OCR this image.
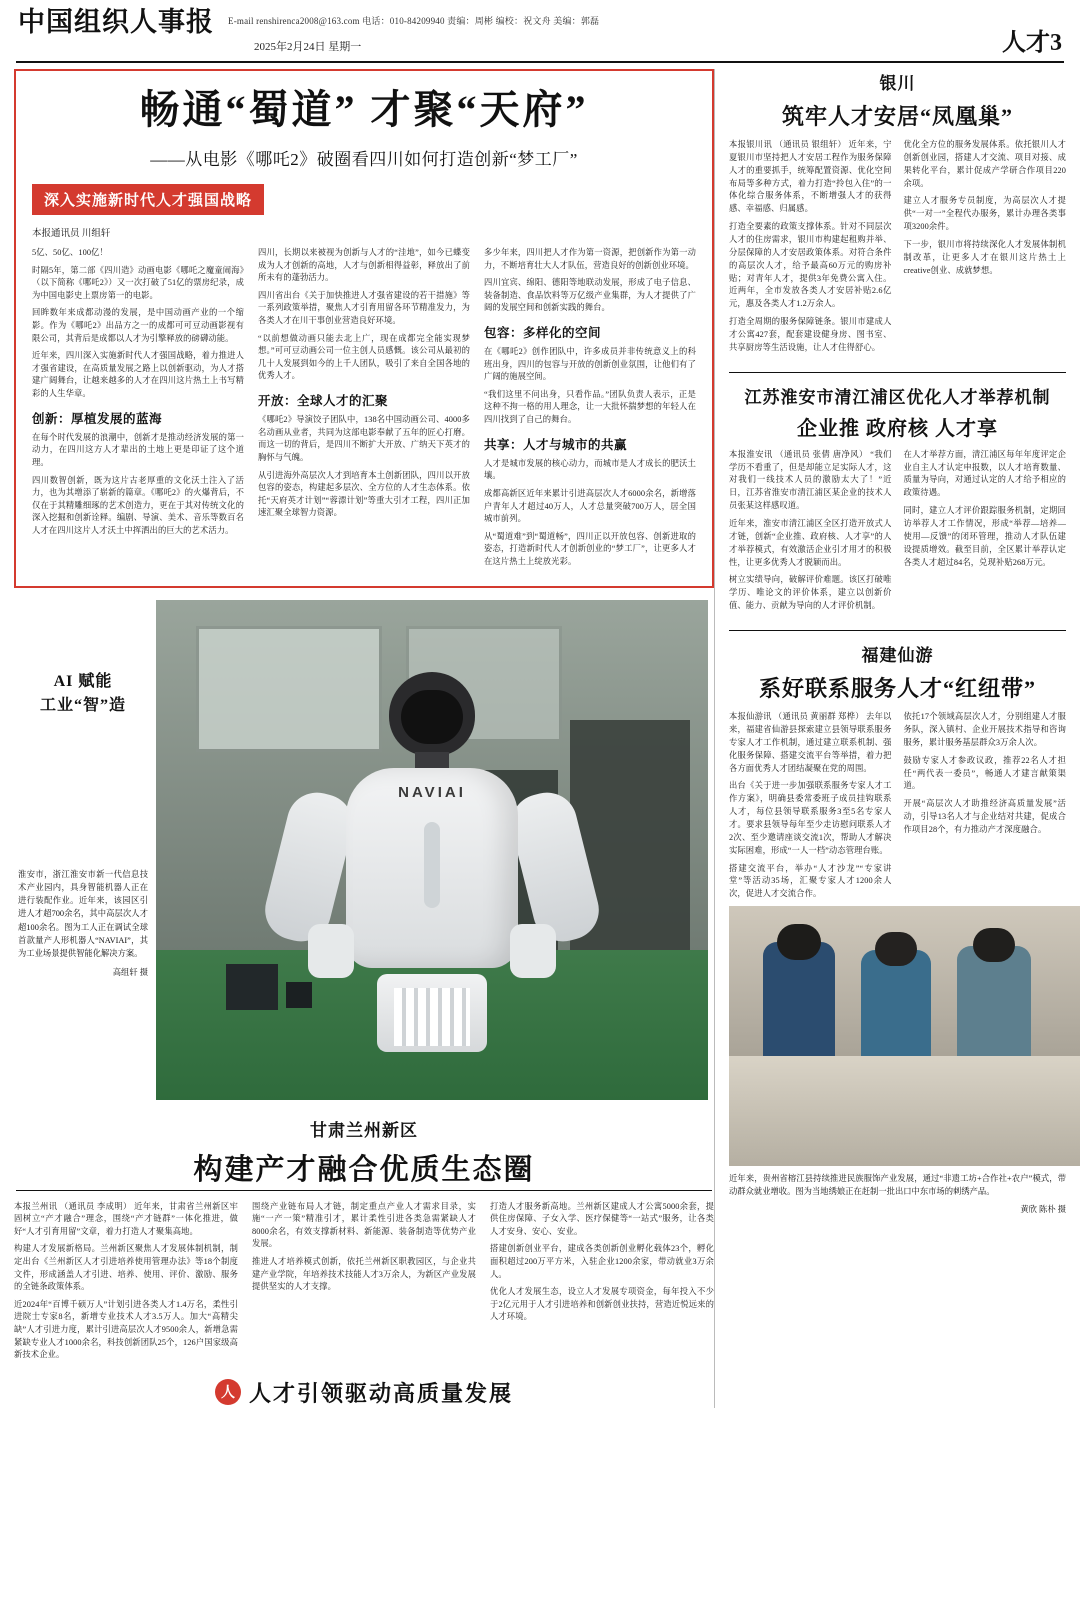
中国组织人事报 E-mail renshirenca2008@163.com 电话：010-84209940 责编：周彬 编校：祝文舟 美编：郭磊
2025年2月24日 星期一	人才3
畅通“蜀道” 才聚“天府”
——从电影《哪吒2》破圈看四川如何打造创新“梦工厂”
深入实施新时代人才强国战略
本报通讯员 川组轩

5亿、50亿、100亿！

时隔5年，第二部《四川造》动画电影《哪吒之魔童闹海》（以下简称《哪吒2》）又一次打破了51亿的票房纪录，成为中国电影史上票房第一的电影。

回眸数年来成都动漫的发展，是中国动画产业的一个缩影。作为《哪吒2》出品方之一的成都可可豆动画影视有限公司，其背后是成都以人才为引擎释放的磅礴动能。

近年来，四川深入实施新时代人才强国战略，着力推进人才强省建设，在高质量发展之路上以创新驱动，为人才搭建广阔舞台，让越来越多的人才在四川这片热土上书写精彩的人生华章。

创新：厚植发展的蓝海

在每个时代发展的浪潮中，创新才是推动经济发展的第一动力，在四川这方人才辈出的土地上更是印证了这个道理。

四川数智创新，既为这片古老厚重的文化沃土注入了活力，也为其增添了崭新的篇章。《哪吒2》的火爆背后，不仅在于其精雕细琢的艺术创造力，更在于其对传统文化的深入挖掘和创新诠释。编剧、导演、美术、音乐等数百名人才在四川这片人才沃土中挥洒出的巨大的艺术活力。

四川，长期以来被视为创新与人才的“洼地”，如今已蝶变成为人才创新的高地，人才与创新相得益彰，释放出了前所未有的蓬勃活力。

四川省出台《关于加快推进人才强省建设的若干措施》等一系列政策举措，聚焦人才引育用留各环节精准发力，为各类人才在川干事创业营造良好环境。

“以前想做动画只能去北上广，现在成都完全能实现梦想。”可可豆动画公司一位主创人员感慨。该公司从最初的几十人发展到如今的上千人团队，吸引了来自全国各地的优秀人才。

开放：全球人才的汇聚

《哪吒2》导演饺子团队中，138名中国动画公司、4000多名动画从业者，共同为这部电影奉献了五年的匠心打磨。而这一切的背后，是四川不断扩大开放、广纳天下英才的胸怀与气魄。

从引进海外高层次人才到培育本土创新团队，四川以开放包容的姿态，构建起多层次、全方位的人才生态体系。依托“天府英才计划”“蓉漂计划”等重大引才工程，四川正加速汇聚全球智力资源。

多少年来，四川把人才作为第一资源，把创新作为第一动力，不断培育壮大人才队伍，营造良好的创新创业环境。

四川宜宾、绵阳、德阳等地联动发展，形成了电子信息、装备制造、食品饮料等万亿级产业集群，为人才提供了广阔的发展空间和创新实践的舞台。

包容：多样化的空间

在《哪吒2》创作团队中，许多成员并非传统意义上的科班出身，四川的包容与开放的创新创业氛围，让他们有了广阔的施展空间。

“我们这里不问出身，只看作品。”团队负责人表示，正是这种不拘一格的用人理念，让一大批怀揣梦想的年轻人在四川找到了自己的舞台。

共享：人才与城市的共赢

人才是城市发展的核心动力，而城市是人才成长的肥沃土壤。

成都高新区近年来累计引进高层次人才6000余名，新增落户青年人才超过40万人，人才总量突破700万人，居全国城市前列。

从“蜀道难”到“蜀道畅”，四川正以开放包容、创新进取的姿态，打造新时代人才创新创业的“梦工厂”，让更多人才在这片热土上绽放光彩。

AI 赋能
工业“智”造
淮安市，浙江淮安市新一代信息技术产业园内，具身智能机器人正在进行装配作业。近年来，该园区引进人才超700余名，其中高层次人才超100余名。图为工人正在调试全球首款量产人形机器人“NAVIAI”，其为工业场景提供智能化解决方案。
高组轩 摄
NAVIAI
甘肃兰州新区
构建产才融合优质生态圈

本报兰州讯 （通讯员 李成明） 近年来，甘肃省兰州新区牢固树立“产才融合”理念，围绕“产才链群”一体化推进，做好“人才引育用留”文章，着力打造人才聚集高地。

构建人才发展新格局。兰州新区聚焦人才发展体制机制，制定出台《兰州新区人才引进培养使用管理办法》等18个制度文件，形成涵盖人才引进、培养、使用、评价、激励、服务的全链条政策体系。

近2024年“百博千硕万人”计划引进各类人才1.4万名，柔性引进院士专家8名，新增专业技术人才3.5万人。加大“高精尖缺”人才引进力度，累计引进高层次人才9500余人，新增急需紧缺专业人才1000余名，科技创新团队25个，126户国家级高新技术企业。

围绕产业链布局人才链，制定重点产业人才需求目录，实施“一产一策”精准引才，累计柔性引进各类急需紧缺人才8000余名，有效支撑新材料、新能源、装备制造等优势产业发展。

推进人才培养模式创新，依托兰州新区职教园区，与企业共建产业学院，年培养技术技能人才3万余人，为新区产业发展提供坚实的人才支撑。

打造人才服务新高地。兰州新区建成人才公寓5000余套，提供住房保障、子女入学、医疗保健等“一站式”服务，让各类人才安身、安心、安业。

搭建创新创业平台，建成各类创新创业孵化载体23个，孵化面积超过200万平方米，入驻企业1200余家，带动就业3万余人。

优化人才发展生态，设立人才发展专项资金，每年投入不少于2亿元用于人才引进培养和创新创业扶持，营造近悦远来的人才环境。

人 人才引领驱动高质量发展
银川
筑牢人才安居“凤凰巢”

本报银川讯 （通讯员 银组轩） 近年来，宁夏银川市坚持把人才安居工程作为服务保障人才的重要抓手，统筹配置资源、优化空间布局等多种方式，着力打造“拎包入住”的一体化综合服务体系，不断增强人才的获得感、幸福感、归属感。

打造全要素的政策支撑体系。针对不同层次人才的住房需求，银川市构建起租购并举、分层保障的人才安居政策体系。对符合条件的高层次人才，给予最高60万元的购房补贴；对青年人才，提供3年免费公寓入住。近两年，全市发放各类人才安居补贴2.6亿元，惠及各类人才1.2万余人。

打造全周期的服务保障链条。银川市建成人才公寓427套，配套建设健身房、图书室、共享厨房等生活设施，让人才住得舒心。

优化全方位的服务发展体系。依托银川人才创新创业园，搭建人才交流、项目对接、成果转化平台，累计促成产学研合作项目220余项。

建立人才服务专员制度，为高层次人才提供“一对一”全程代办服务，累计办理各类事项3200余件。

下一步，银川市将持续深化人才发展体制机制改革，让更多人才在银川这片热土上creative创业、成就梦想。

江苏淮安市清江浦区优化人才举荐机制
企业推 政府核 人才享

本报淮安讯 （通讯员 张倩 唐净风） “我们学历不看重了，但是却能立足实际人才，这对我们一线技术人员的激励太大了！”近日，江苏省淮安市清江浦区某企业的技术人员张某这样感叹道。

近年来，淮安市清江浦区全区打造开放式人才链，创新“企业推、政府核、人才享”的人才举荐模式，有效激活企业引才用才的积极性，让更多优秀人才脱颖而出。

树立实绩导向，破解评价难题。该区打破唯学历、唯论文的评价体系，建立以创新价值、能力、贡献为导向的人才评价机制。

在人才举荐方面，清江浦区每年年度评定企业自主人才认定申报数，以人才培育数量、质量为导向，对通过认定的人才给予相应的政策待遇。

同时，建立人才评价跟踪服务机制，定期回访举荐人才工作情况，形成“举荐—培养—使用—反馈”的闭环管理，推动人才队伍建设提质增效。截至目前，全区累计举荐认定各类人才超过84名，兑现补贴268万元。

福建仙游
系好联系服务人才“红纽带”

本报仙游讯 （通讯员 黄丽群 郑桦） 去年以来，福建省仙游县探索建立县领导联系服务专家人才工作机制，通过建立联系机制、强化服务保障、搭建交流平台等举措，着力把各方面优秀人才团结凝聚在党的周围。

出台《关于进一步加强联系服务专家人才工作方案》，明确县委常委班子成员挂钩联系人才，每位县领导联系服务3至5名专家人才。要求县领导每年至少走访慰问联系人才2次、至少邀请座谈交流1次，帮助人才解决实际困难，形成“一人一档”动态管理台账。

搭建交流平台，举办“人才沙龙”“专家讲堂”等活动35场，汇聚专家人才1200余人次，促进人才交流合作。

依托17个领域高层次人才，分别组建人才服务队，深入镇村、企业开展技术指导和咨询服务，累计服务基层群众3万余人次。

鼓励专家人才参政议政，推荐22名人才担任“两代表一委员”，畅通人才建言献策渠道。

开展“高层次人才助推经济高质量发展”活动，引导13名人才与企业结对共建，促成合作项目28个，有力推动产才深度融合。

近年来，贵州省榕江县持续推进民族服饰产业发展，通过“非遗工坊+合作社+农户”模式，带动群众就业增收。图为当地绣娘正在赶制一批出口中东市场的刺绣产品。
黄欣 陈朴 摄
